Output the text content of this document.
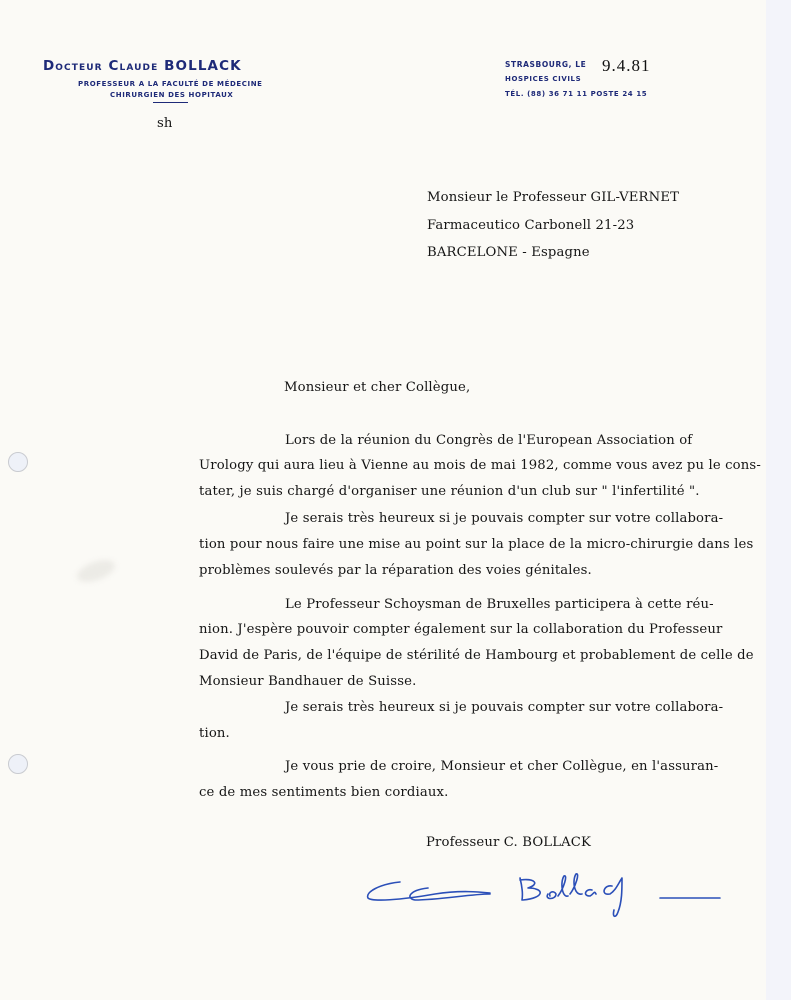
Docteur Claude BOLLACK
PROFESSEUR A LA FACULTÉ DE MÉDECINE
CHIRURGIEN DES HOPITAUX
STRASBOURG, LE 9.4.81
HOSPICES CIVILS
TÉL. (88) 36 71 11 POSTE 24 15
sh
Monsieur le Professeur GIL-VERNET
Farmaceutico Carbonell 21-23
BARCELONE - Espagne
Monsieur et cher Collègue,
Lors de la réunion du Congrès de l'European Association of
Urology qui aura lieu à Vienne au mois de mai 1982, comme vous avez pu le cons-
tater, je suis chargé d'organiser une réunion d'un club sur " l'infertilité ".
Je serais très heureux si je pouvais compter sur votre collabora-
tion pour nous faire une mise au point sur la place de la micro-chirurgie dans les
problèmes soulevés par la réparation des voies génitales.
Le Professeur Schoysman de Bruxelles participera à cette réu-
nion. J'espère pouvoir compter également sur la collaboration du Professeur
David de Paris, de l'équipe de stérilité de Hambourg et probablement de celle de
Monsieur Bandhauer de Suisse.
Je serais très heureux si je pouvais compter sur votre collabora-
tion.
Je vous prie de croire, Monsieur et cher Collègue, en l'assuran-
ce de mes sentiments bien cordiaux.
Professeur C. BOLLACK
